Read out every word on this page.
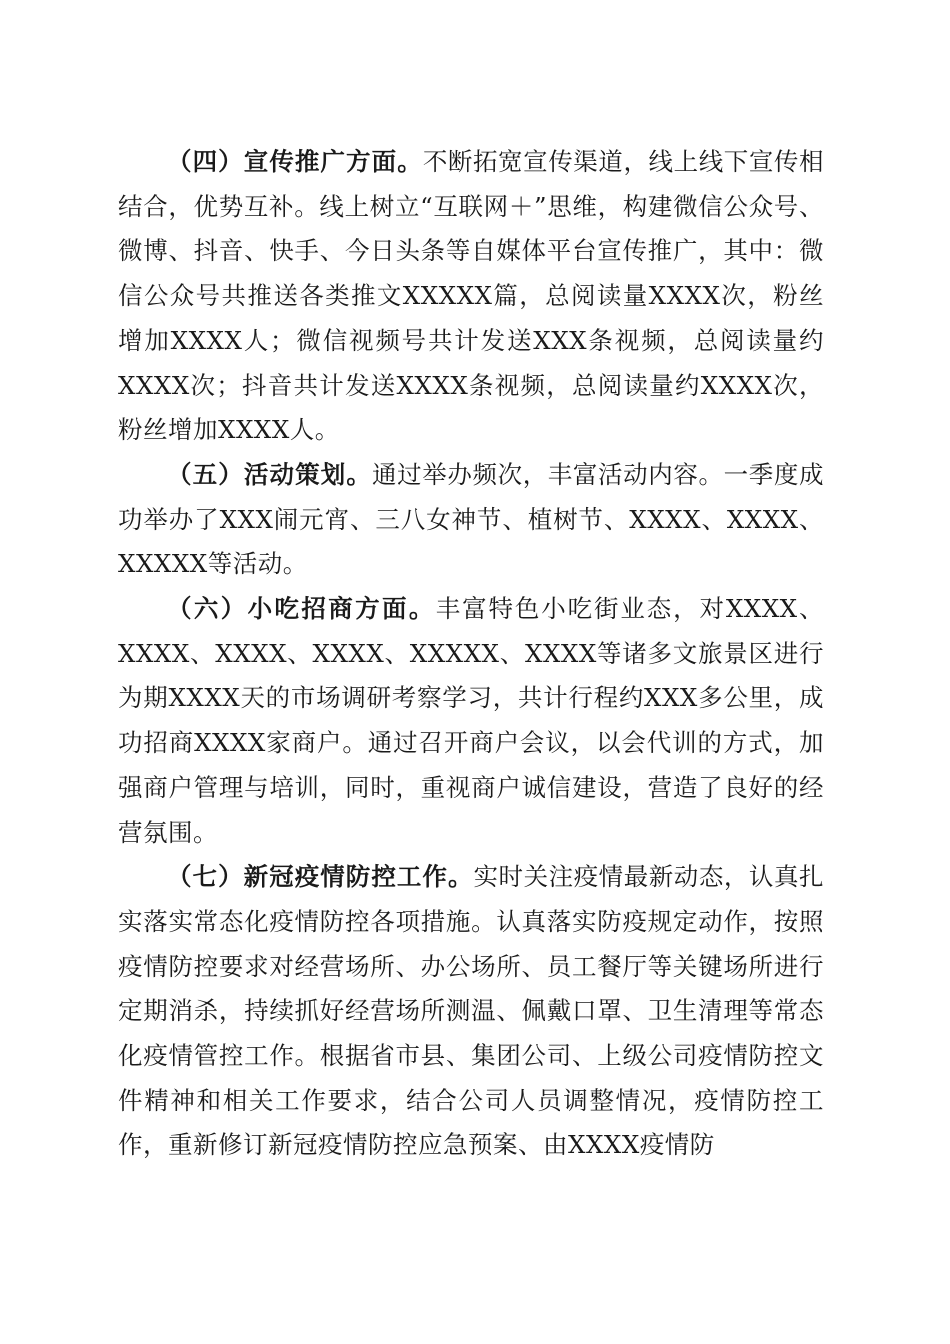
（四）宣传推广方面。不断拓宽宣传渠道，线上线下宣传相结合，优势互补。线上树立“互联网＋”思维，构建微信公众号、微博、抖音、快手、今日头条等自媒体平台宣传推广，其中：微信公众号共推送各类推文XXXXX篇，总阅读量XXXX次，粉丝增加XXXX人；微信视频号共计发送XXX条视频，总阅读量约XXXX次；抖音共计发送XXXX条视频，总阅读量约XXXX次，粉丝增加XXXX人。

（五）活动策划。通过举办频次，丰富活动内容。一季度成功举办了XXX闹元宵、三八女神节、植树节、XXXX、XXXX、XXXXX等活动。

（六）小吃招商方面。丰富特色小吃街业态，对XXXX、XXXX、XXXX、XXXX、XXXXX、XXXX等诸多文旅景区进行为期XXXX天的市场调研考察学习，共计行程约XXX多公里，成功招商XXXX家商户。通过召开商户会议，以会代训的方式，加强商户管理与培训，同时，重视商户诚信建设，营造了良好的经营氛围。

（七）新冠疫情防控工作。实时关注疫情最新动态，认真扎实落实常态化疫情防控各项措施。认真落实防疫规定动作，按照疫情防控要求对经营场所、办公场所、员工餐厅等关键场所进行定期消杀，持续抓好经营场所测温、佩戴口罩、卫生清理等常态化疫情管控工作。根据省市县、集团公司、上级公司疫情防控文件精神和相关工作要求，结合公司人员调整情况，疫情防控工作，重新修订新冠疫情防控应急预案、由XXXX疫情防
